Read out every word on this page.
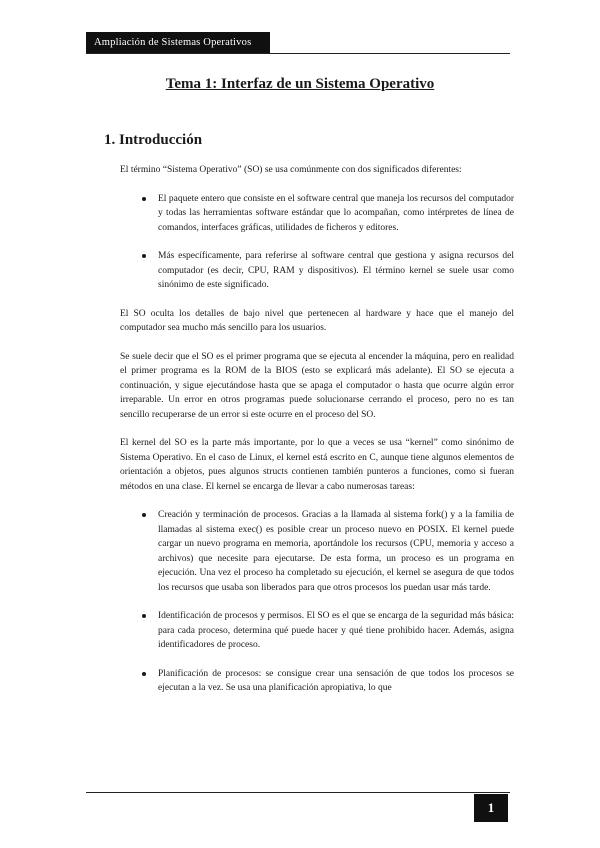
Ampliación de Sistemas Operativos
Tema 1: Interfaz de un Sistema Operativo
1. Introducción

El término “Sistema Operativo” (SO) se usa comúnmente con dos significados diferentes:

El paquete entero que consiste en el software central que maneja los recursos del computador y todas las herramientas software estándar que lo acompañan, como intérpretes de línea de comandos, interfaces gráficas, utilidades de ficheros y editores.
Más específicamente, para referirse al software central que gestiona y asigna recursos del computador (es decir, CPU, RAM y dispositivos). El término kernel se suele usar como sinónimo de este significado.

El SO oculta los detalles de bajo nivel que pertenecen al hardware y hace que el manejo del computador sea mucho más sencillo para los usuarios.

Se suele decir que el SO es el primer programa que se ejecuta al encender la máquina, pero en realidad el primer programa es la ROM de la BIOS (esto se explicará más adelante). El SO se ejecuta a continuación, y sigue ejecutándose hasta que se apaga el computador o hasta que ocurre algún error irreparable. Un error en otros programas puede solucionarse cerrando el proceso, pero no es tan sencillo recuperarse de un error si este ocurre en el proceso del SO.

El kernel del SO es la parte más importante, por lo que a veces se usa “kernel” como sinónimo de Sistema Operativo. En el caso de Linux, el kernel está escrito en C, aunque tiene algunos elementos de orientación a objetos, pues algunos structs contienen también punteros a funciones, como si fueran métodos en una clase. El kernel se encarga de llevar a cabo numerosas tareas:

Creación y terminación de procesos. Gracias a la llamada al sistema fork() y a la familia de llamadas al sistema exec() es posible crear un proceso nuevo en POSIX. El kernel puede cargar un nuevo programa en memoria, aportándole los recursos (CPU, memoria y acceso a archivos) que necesite para ejecutarse. De esta forma, un proceso es un programa en ejecución. Una vez el proceso ha completado su ejecución, el kernel se asegura de que todos los recursos que usaba son liberados para que otros procesos los puedan usar más tarde.
Identificación de procesos y permisos. El SO es el que se encarga de la seguridad más básica: para cada proceso, determina qué puede hacer y qué tiene prohibido hacer. Además, asigna identificadores de proceso.
Planificación de procesos: se consigue crear una sensación de que todos los procesos se ejecutan a la vez. Se usa una planificación apropiativa, lo que
1
